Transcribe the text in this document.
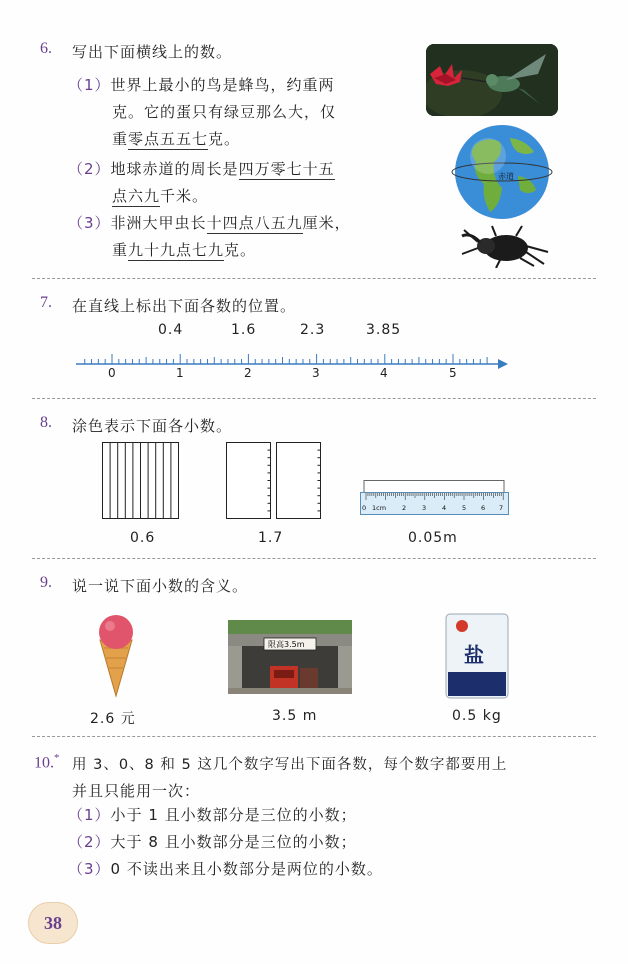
6. 写出下面横线上的数。
（1）世界上最小的鸟是蜂鸟，约重两
克。它的蛋只有绿豆那么大，仅
重零点五五七克。
（2）地球赤道的周长是四万零七十五
点六九千米。
（3）非洲大甲虫长十四点八五九厘米，
重九十九点七九克。
赤道
7. 在直线上标出下面各数的位置。
0.4	1.6	2.3	3.85
0	1	2	3	4	5
8. 涂色表示下面各小数。
0 1cm 2 3 4 5 6 7
0.6	1.7	0.05m
9. 说一说下面小数的含义。
限高3.5m	盐
2.6 元	3.5 m	0.5 kg
10.* 用 3、0、8 和 5 这几个数字写出下面各数，每个数字都要用上
并且只能用一次：
（1）小于 1 且小数部分是三位的小数；
（2）大于 8 且小数部分是三位的小数；
（3）0 不读出来且小数部分是两位的小数。
38
